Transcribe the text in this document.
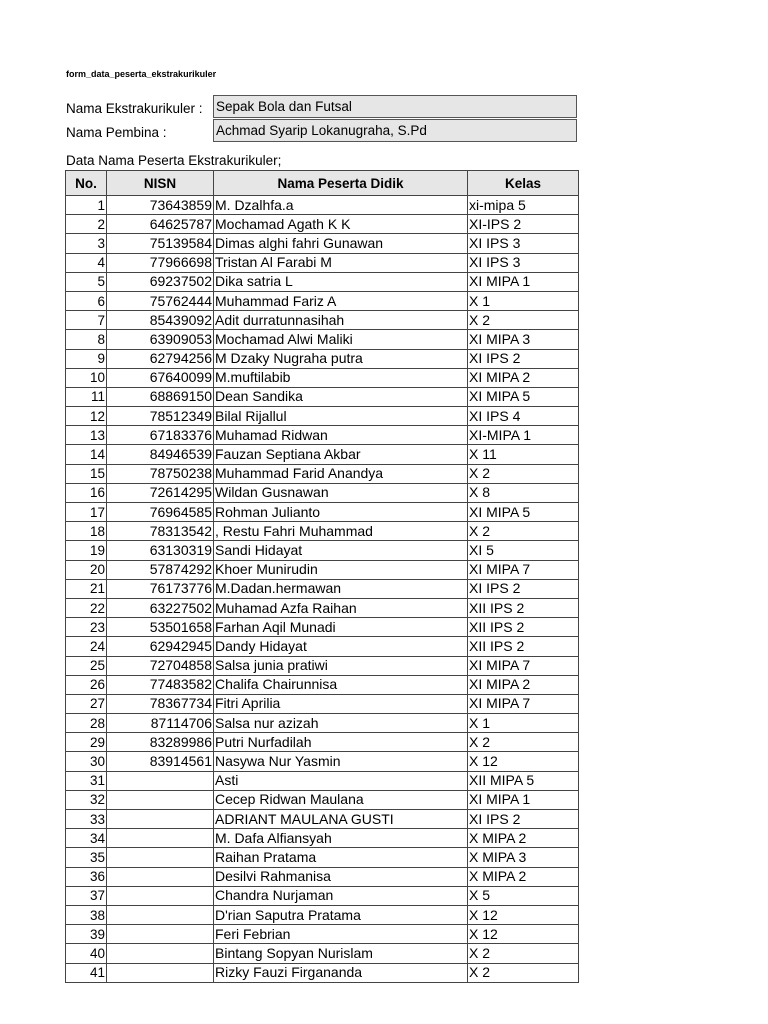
form_data_peserta_ekstrakurikuler
Nama Ekstrakurikuler : Sepak Bola dan Futsal
Nama Pembina :	Achmad Syarip Lokanugraha, S.Pd
Data Nama Peserta Ekstrakurikuler;
No.	NISN	Nama Peserta Didik	Kelas
1	73643859	M. Dzalhfa.a	xi-mipa 5
2	64625787	Mochamad Agath K K	XI-IPS 2
3	75139584	Dimas alghi fahri Gunawan	XI IPS 3
4	77966698	Tristan Al Farabi M	XI IPS 3
5	69237502	Dika satria L	XI MIPA 1
6	75762444	Muhammad Fariz A	X 1
7	85439092	Adit durratunnasihah	X 2
8	63909053	Mochamad Alwi Maliki	XI MIPA 3
9	62794256	M Dzaky Nugraha putra	XI IPS 2
10	67640099	M.muftilabib	XI MIPA 2
11	68869150	Dean Sandika	XI MIPA 5
12	78512349	Bilal Rijallul	XI IPS 4
13	67183376	Muhamad Ridwan	XI-MIPA 1
14	84946539	Fauzan Septiana Akbar	X 11
15	78750238	Muhammad Farid Anandya	X 2
16	72614295	Wildan Gusnawan	X 8
17	76964585	Rohman Julianto	XI MIPA 5
18	78313542	, Restu Fahri Muhammad	X 2
19	63130319	Sandi Hidayat	XI 5
20	57874292	Khoer Munirudin	XI MIPA 7
21	76173776	M.Dadan.hermawan	XI IPS 2
22	63227502	Muhamad Azfa Raihan	XII IPS 2
23	53501658	Farhan Aqil Munadi	XII IPS 2
24	62942945	Dandy Hidayat	XII IPS 2
25	72704858	Salsa junia pratiwi	XI MIPA 7
26	77483582	Chalifa Chairunnisa	XI MIPA 2
27	78367734	Fitri Aprilia	XI MIPA 7
28	87114706	Salsa nur azizah	X 1
29	83289986	Putri Nurfadilah	X 2
30	83914561	Nasywa Nur Yasmin	X 12
31		Asti	XII MIPA 5
32		Cecep Ridwan Maulana	XI MIPA 1
33		ADRIANT MAULANA GUSTI	XI IPS 2
34		M. Dafa Alfiansyah	X MIPA 2
35		Raihan Pratama	X MIPA 3
36		Desilvi Rahmanisa	X MIPA 2
37		Chandra Nurjaman	X 5
38		D'rian Saputra Pratama	X 12
39		Feri Febrian	X 12
40		Bintang Sopyan Nurislam	X 2
41		Rizky Fauzi Firgananda	X 2
